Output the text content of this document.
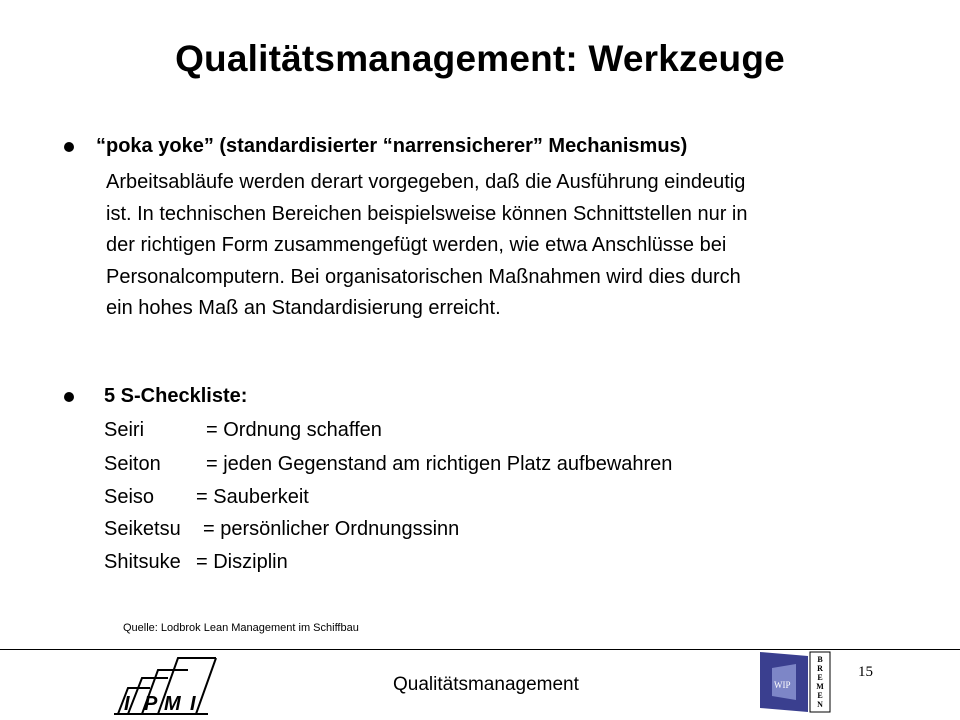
Qualitätsmanagement: Werkzeuge
“poka yoke” (standardisierter “narrensicherer” Mechanismus)
Arbeitsabläufe werden derart vorgegeben, daß die Ausführung eindeutig
ist. In technischen Bereichen beispielsweise können Schnittstellen nur in
der richtigen Form zusammengefügt werden, wie etwa Anschlüsse bei
Personalcomputern. Bei organisatorischen Maßnahmen wird dies durch
ein hohes Maß an Standardisierung erreicht.
5 S-Checkliste:
Seiri	= Ordnung schaffen
Seiton = jeden Gegenstand am richtigen Platz aufbewahren
Seiso = Sauberkeit
Seiketsu = persönlicher Ordnungssinn
Shitsuke = Disziplin
Quelle: Lodbrok Lean Management im Schiffbau
I P M I
Qualitätsmanagement	WIP
B
R
E
M
E
N
15
